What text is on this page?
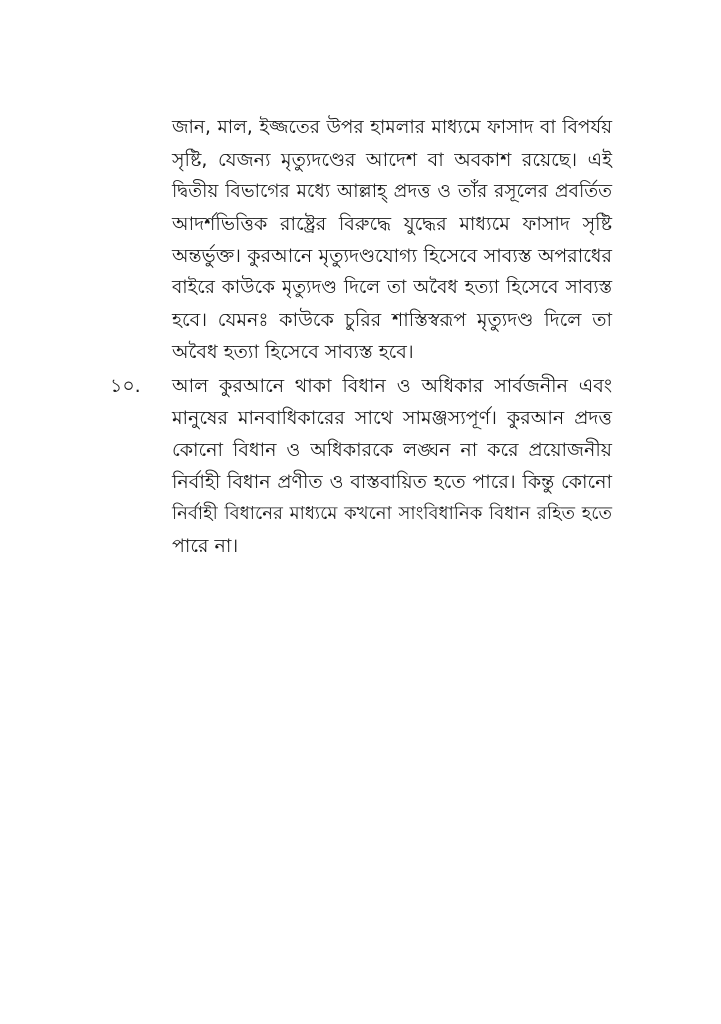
জান, মাল, ইজ্জতের উপর হামলার মাধ্যমে ফাসাদ বা বিপর্যয়
সৃষ্টি, যেজন্য মৃত্যুদণ্ডের আদেশ বা অবকাশ রয়েছে। এই
দ্বিতীয় বিভাগের মধ্যে আল্লাহ্‌ প্রদত্ত ও তাঁর রসূলের প্রবর্তিত
আদর্শভিত্তিক রাষ্ট্রের বিরুদ্ধে যুদ্ধের মাধ্যমে ফাসাদ সৃষ্টি
অন্তর্ভুক্ত। কুরআনে মৃত্যুদণ্ডযোগ্য হিসেবে সাব্যস্ত অপরাধের
বাইরে কাউকে মৃত্যুদণ্ড দিলে তা অবৈধ হত্যা হিসেবে সাব্যস্ত
হবে। যেমনঃ কাউকে চুরির শাস্তিস্বরূপ মৃত্যুদণ্ড দিলে তা
অবৈধ হত্যা হিসেবে সাব্যস্ত হবে।
১০. আল কুরআনে থাকা বিধান ও অধিকার সার্বজনীন এবং
মানুষের মানবাধিকারের সাথে সামঞ্জস্যপূর্ণ। কুরআন প্রদত্ত
কোনো বিধান ও অধিকারকে লঙ্ঘন না করে প্রয়োজনীয়
নির্বাহী বিধান প্রণীত ও বাস্তবায়িত হতে পারে। কিন্তু কোনো
নির্বাহী বিধানের মাধ্যমে কখনো সাংবিধানিক বিধান রহিত হতে
পারে না।
